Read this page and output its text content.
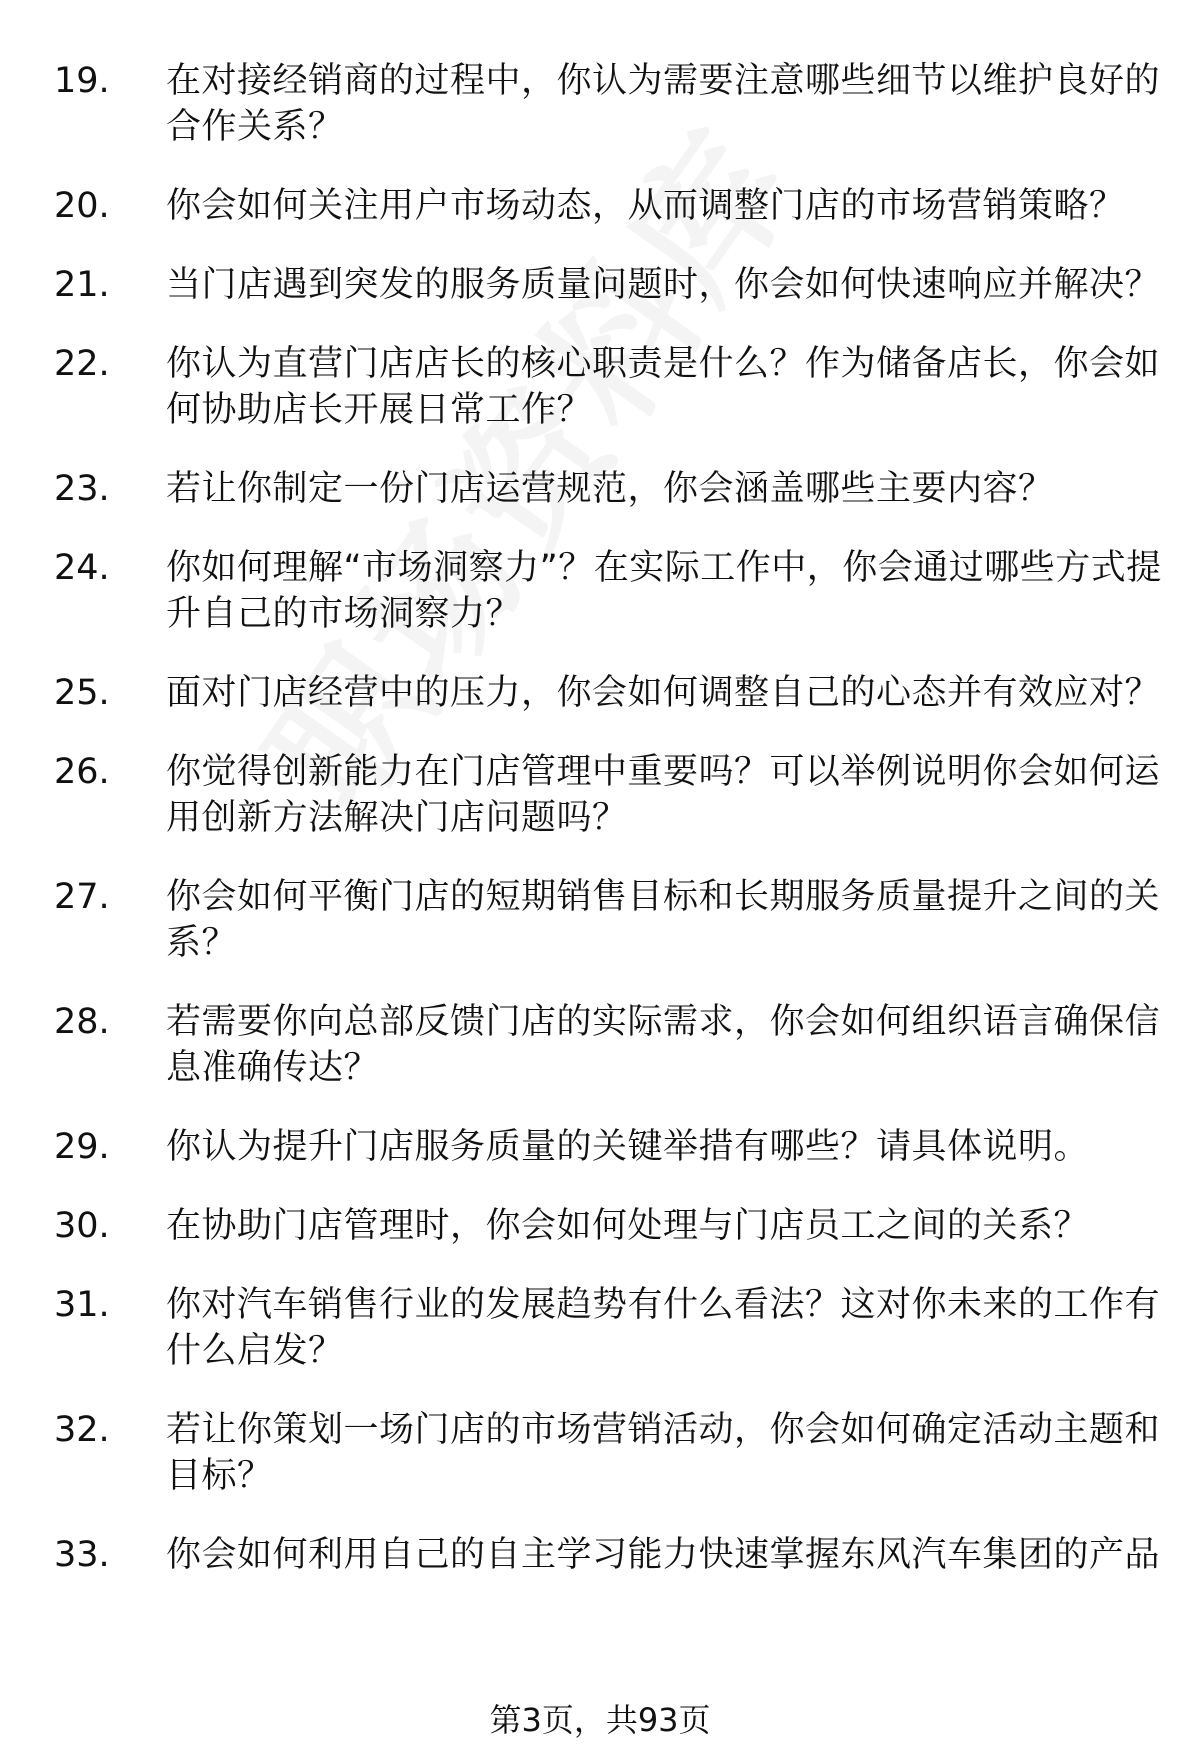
19.	在对接经销商的过程中，你认为需要注意哪些细节以维护良好的合作关系？
20.	你会如何关注用户市场动态，从而调整门店的市场营销策略？
21.	当门店遇到突发的服务质量问题时，你会如何快速响应并解决？
22.	你认为直营门店店长的核心职责是什么？作为储备店长，你会如何协助店长开展日常工作？
23.	若让你制定一份门店运营规范，你会涵盖哪些主要内容？
24.	你如何理解“市场洞察力”？在实际工作中，你会通过哪些方式提升自己的市场洞察力？
25.	面对门店经营中的压力，你会如何调整自己的心态并有效应对？
26.	你觉得创新能力在门店管理中重要吗？可以举例说明你会如何运用创新方法解决门店问题吗？
27.	你会如何平衡门店的短期销售目标和长期服务质量提升之间的关系？
28.	若需要你向总部反馈门店的实际需求，你会如何组织语言确保信息准确传达？
29.	你认为提升门店服务质量的关键举措有哪些？请具体说明。
30.	在协助门店管理时，你会如何处理与门店员工之间的关系？
31.	你对汽车销售行业的发展趋势有什么看法？这对你未来的工作有什么启发？
32.	若让你策划一场门店的市场营销活动，你会如何确定活动主题和目标？
33.	你会如何利用自己的自主学习能力快速掌握东风汽车集团的产品
第3页，共93页
